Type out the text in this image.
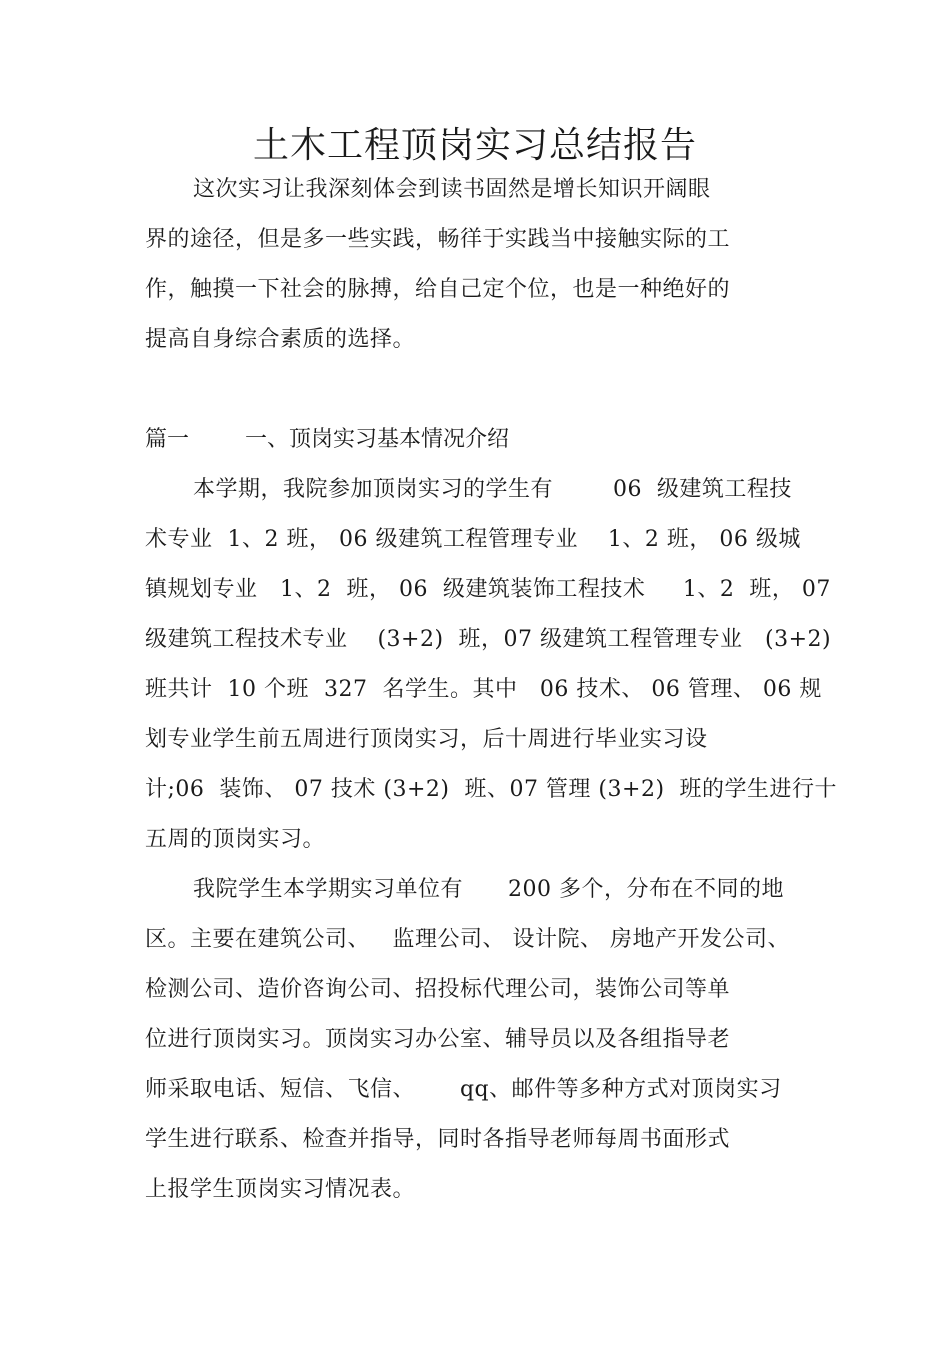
土木工程顶岗实习总结报告
这次实习让我深刻体会到读书固然是增长知识开阔眼
界的途径，但是多一些实践，畅徉于实践当中接触实际的工
作，触摸一下社会的脉搏，给自己定个位，也是一种绝好的
提高自身综合素质的选择。
篇一	一、顶岗实习基本情况介绍
本学期，我院参加顶岗实习的学生有        06  级建筑工程技
术专业  1、2 班， 06 级建筑工程管理专业    1、2 班， 06 级城
镇规划专业   1、2  班， 06  级建筑装饰工程技术     1、2  班， 07
级建筑工程技术专业    (3+2)  班，07 级建筑工程管理专业   (3+2)
班共计  10 个班  327  名学生。其中   06 技术、 06 管理、 06 规
划专业学生前五周进行顶岗实习，后十周进行毕业实习设
计;06  装饰、 07 技术 (3+2)  班、07 管理 (3+2)  班的学生进行十
五周的顶岗实习。
我院学生本学期实习单位有      200 多个，分布在不同的地
区。主要在建筑公司、   监理公司、 设计院、 房地产开发公司、
检测公司、造价咨询公司、招投标代理公司，装饰公司等单
位进行顶岗实习。顶岗实习办公室、辅导员以及各组指导老
师采取电话、短信、飞信、      qq、邮件等多种方式对顶岗实习
学生进行联系、检查并指导，同时各指导老师每周书面形式
上报学生顶岗实习情况表。
